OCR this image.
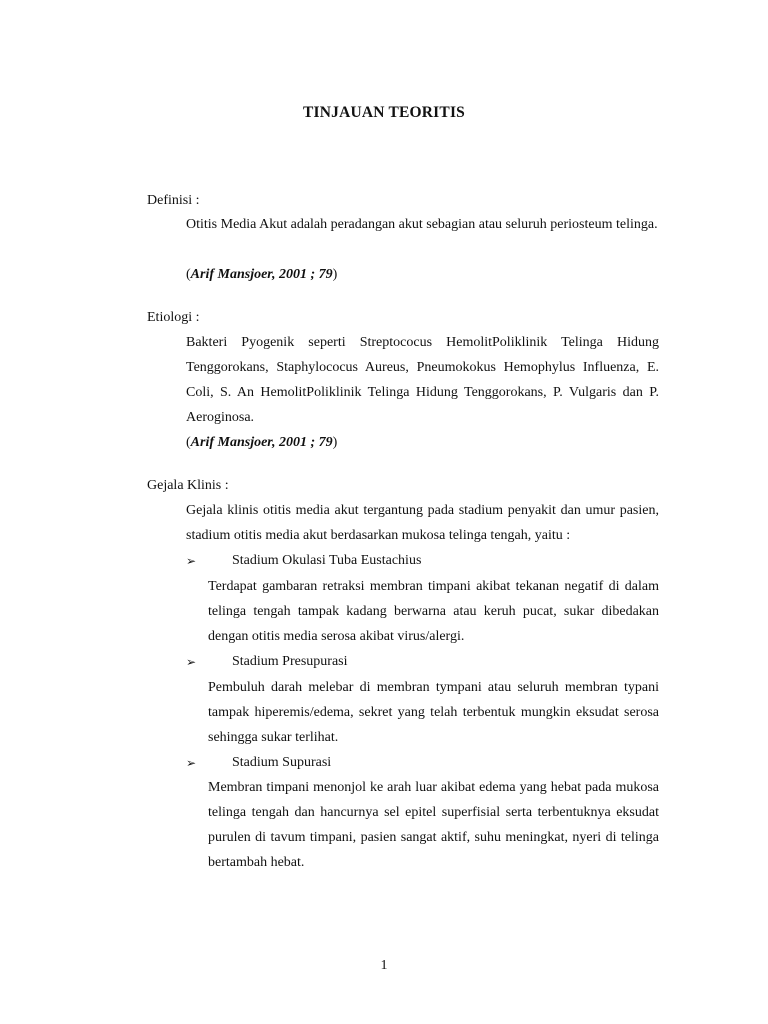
TINJAUAN TEORITIS
Definisi :
Otitis Media Akut adalah peradangan akut sebagian atau seluruh periosteum telinga.
(Arif Mansjoer, 2001 ; 79)
Etiologi :
Bakteri Pyogenik seperti Streptococus HemolitPoliklinik Telinga Hidung Tenggorokans, Staphylococus Aureus, Pneumokokus Hemophylus Influenza, E. Coli, S. An HemolitPoliklinik Telinga Hidung Tenggorokans, P. Vulgaris dan P. Aeroginosa.
(Arif Mansjoer, 2001 ; 79)
Gejala Klinis :
Gejala klinis otitis media akut tergantung pada stadium penyakit dan umur pasien, stadium otitis media akut berdasarkan mukosa telinga tengah, yaitu :
➢	Stadium Okulasi Tuba Eustachius
Terdapat gambaran retraksi membran timpani akibat tekanan negatif di dalam telinga tengah tampak kadang berwarna atau keruh pucat, sukar dibedakan dengan otitis media serosa akibat virus/alergi.
➢	Stadium Presupurasi
Pembuluh darah melebar di membran tympani atau seluruh membran typani tampak hiperemis/edema, sekret yang telah terbentuk mungkin eksudat serosa sehingga sukar terlihat.
➢	Stadium Supurasi
Membran timpani menonjol ke arah luar akibat edema yang hebat pada mukosa telinga tengah dan hancurnya sel epitel superfisial serta terbentuknya eksudat purulen di tavum timpani, pasien sangat aktif, suhu meningkat, nyeri di telinga bertambah hebat.
1
